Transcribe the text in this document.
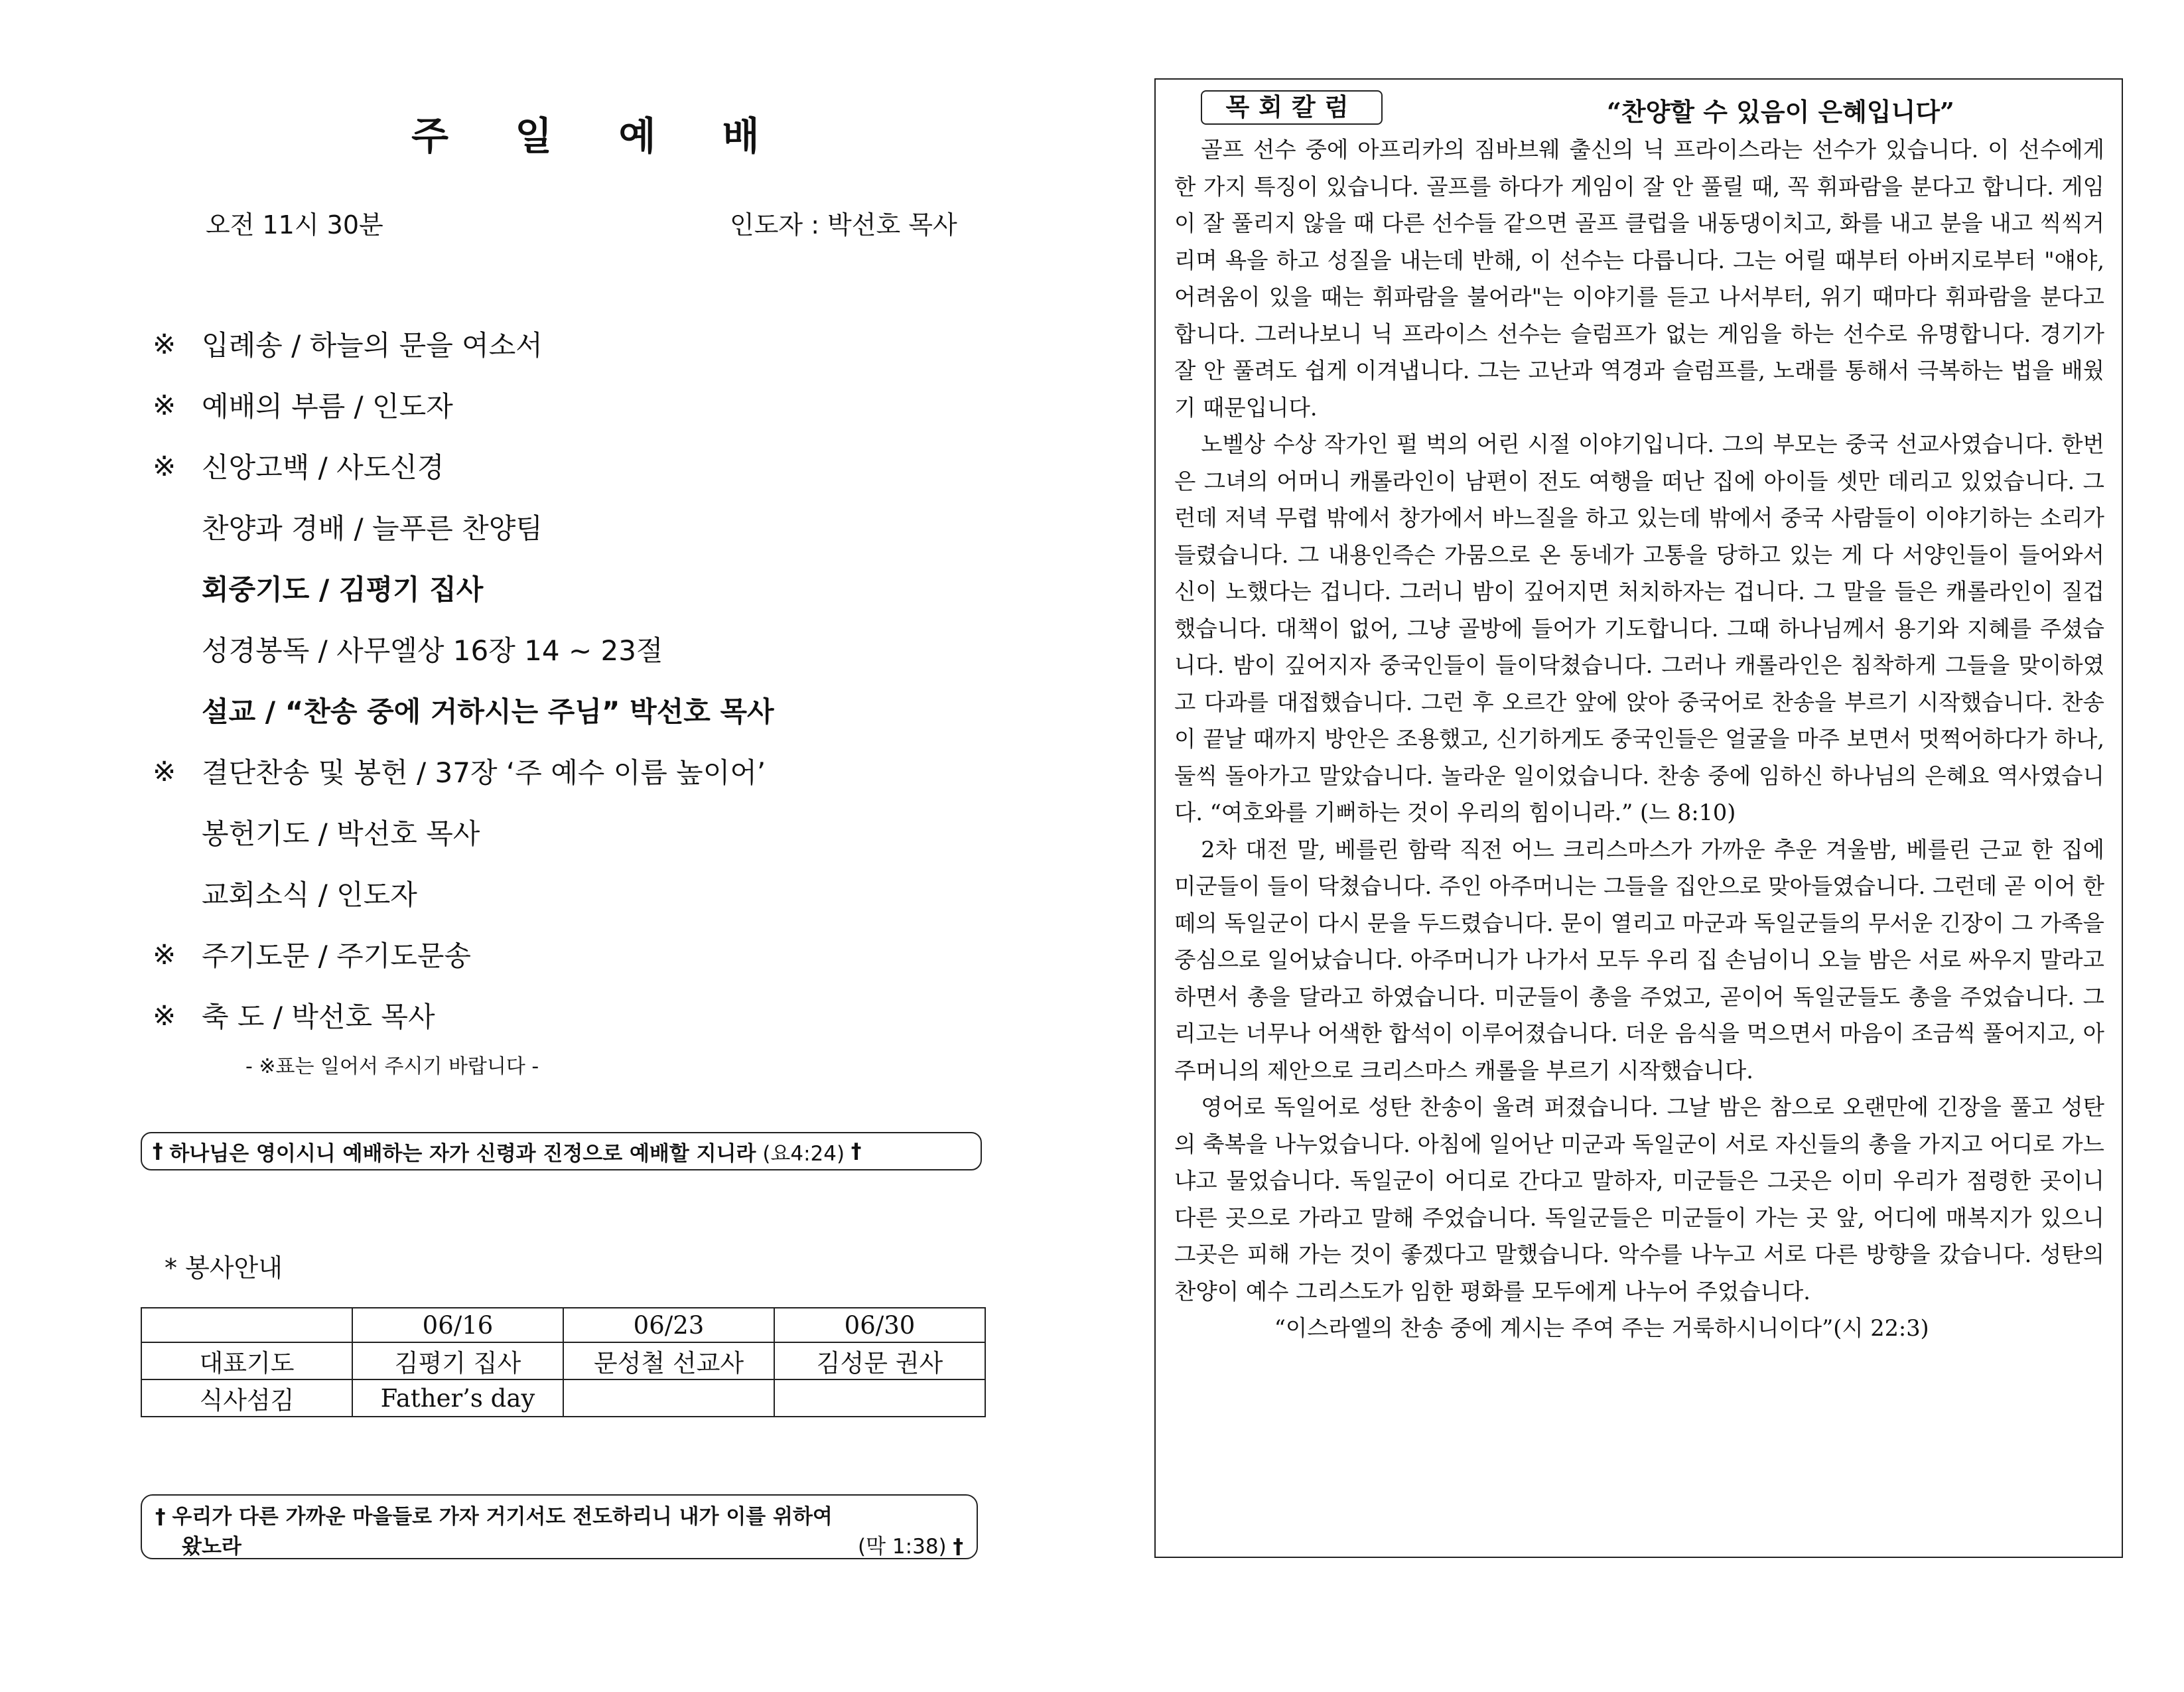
주 일 예 배
오전 11시 30분	인도자 : 박선호 목사
※ 입례송 / 하늘의 문을 여소서
※ 예배의 부름 / 인도자
※ 신앙고백 / 사도신경
찬양과 경배 / 늘푸른 찬양팀
회중기도 / 김평기 집사
성경봉독 / 사무엘상 16장 14 ~ 23절
설교 / “찬송 중에 거하시는 주님” 박선호 목사
※ 결단찬송 및 봉헌 / 37장 ‘주 예수 이름 높이어’
봉헌기도 / 박선호 목사
교회소식 / 인도자
※ 주기도문 / 주기도문송
※ 축 도 / 박선호 목사
- ※표는 일어서 주시기 바랍니다 -
†
하나님은 영이시니 예배하는 자가 신령과 진정으로 예배할 지니라
(요4:24)
†
* 봉사안내
	06/16	06/23	06/30
대표기도	김평기 집사	문성철 선교사	김성문 권사
식사섬김	Father’s day		
† 우리가 다른 가까운 마을들로 가자 거기서도 전도하리니 내가 이를 위하여
왔노라	(막 1:38) †
목회칼럼	“찬양할 수 있음이 은혜입니다”

골프 선수 중에 아프리카의 짐바브웨 출신의 닉 프라이스라는 선수가 있습니다. 이 선수에게 한 가지 특징이 있습니다. 골프를 하다가 게임이 잘 안 풀릴 때, 꼭 휘파람을 분다고 합니다. 게임이 잘 풀리지 않을 때 다른 선수들 같으면 골프 클럽을 내동댕이치고, 화를 내고 분을 내고 씩씩거리며 욕을 하고 성질을 내는데 반해, 이 선수는 다릅니다. 그는 어릴 때부터 아버지로부터 "얘야, 어려움이 있을 때는 휘파람을 불어라"는 이야기를 듣고 나서부터, 위기 때마다 휘파람을 분다고 합니다. 그러나보니 닉 프라이스 선수는 슬럼프가 없는 게임을 하는 선수로 유명합니다. 경기가 잘 안 풀려도 쉽게 이겨냅니다. 그는 고난과 역경과 슬럼프를, 노래를 통해서 극복하는 법을 배웠기 때문입니다.

노벨상 수상 작가인 펄 벅의 어린 시절 이야기입니다. 그의 부모는 중국 선교사였습니다. 한번은 그녀의 어머니 캐롤라인이 남편이 전도 여행을 떠난 집에 아이들 셋만 데리고 있었습니다. 그런데 저녁 무렵 밖에서 창가에서 바느질을 하고 있는데 밖에서 중국 사람들이 이야기하는 소리가 들렸습니다. 그 내용인즉슨 가뭄으로 온 동네가 고통을 당하고 있는 게 다 서양인들이 들어와서 신이 노했다는 겁니다. 그러니 밤이 깊어지면 처치하자는 겁니다. 그 말을 들은 캐롤라인이 질겁했습니다. 대책이 없어, 그냥 골방에 들어가 기도합니다. 그때 하나님께서 용기와 지혜를 주셨습니다. 밤이 깊어지자 중국인들이 들이닥쳤습니다. 그러나 캐롤라인은 침착하게 그들을 맞이하였고 다과를 대접했습니다. 그런 후 오르간 앞에 앉아 중국어로 찬송을 부르기 시작했습니다. 찬송이 끝날 때까지 방안은 조용했고, 신기하게도 중국인들은 얼굴을 마주 보면서 멋쩍어하다가 하나, 둘씩 돌아가고 말았습니다. 놀라운 일이었습니다. 찬송 중에 임하신 하나님의 은혜요 역사였습니다. “여호와를 기뻐하는 것이 우리의 힘이니라.” (느 8:10)

2차 대전 말, 베를린 함락 직전 어느 크리스마스가 가까운 추운 겨울밤, 베를린 근교 한 집에 미군들이 들이 닥쳤습니다. 주인 아주머니는 그들을 집안으로 맞아들였습니다. 그런데 곧 이어 한 떼의 독일군이 다시 문을 두드렸습니다. 문이 열리고 마군과 독일군들의 무서운 긴장이 그 가족을 중심으로 일어났습니다. 아주머니가 나가서 모두 우리 집 손님이니 오늘 밤은 서로 싸우지 말라고 하면서 총을 달라고 하였습니다. 미군들이 총을 주었고, 곧이어 독일군들도 총을 주었습니다. 그리고는 너무나 어색한 합석이 이루어졌습니다. 더운 음식을 먹으면서 마음이 조금씩 풀어지고, 아주머니의 제안으로 크리스마스 캐롤을 부르기 시작했습니다.

영어로 독일어로 성탄 찬송이 울려 퍼졌습니다. 그날 밤은 참으로 오랜만에 긴장을 풀고 성탄의 축복을 나누었습니다. 아침에 일어난 미군과 독일군이 서로 자신들의 총을 가지고 어디로 가느냐고 물었습니다. 독일군이 어디로 간다고 말하자, 미군들은 그곳은 이미 우리가 점령한 곳이니 다른 곳으로 가라고 말해 주었습니다. 독일군들은 미군들이 가는 곳 앞, 어디에 매복지가 있으니 그곳은 피해 가는 것이 좋겠다고 말했습니다. 악수를 나누고 서로 다른 방향을 갔습니다. 성탄의 찬양이 예수 그리스도가 임한 평화를 모두에게 나누어 주었습니다.

“이스라엘의 찬송 중에 계시는 주여 주는 거룩하시니이다”(시 22:3)
